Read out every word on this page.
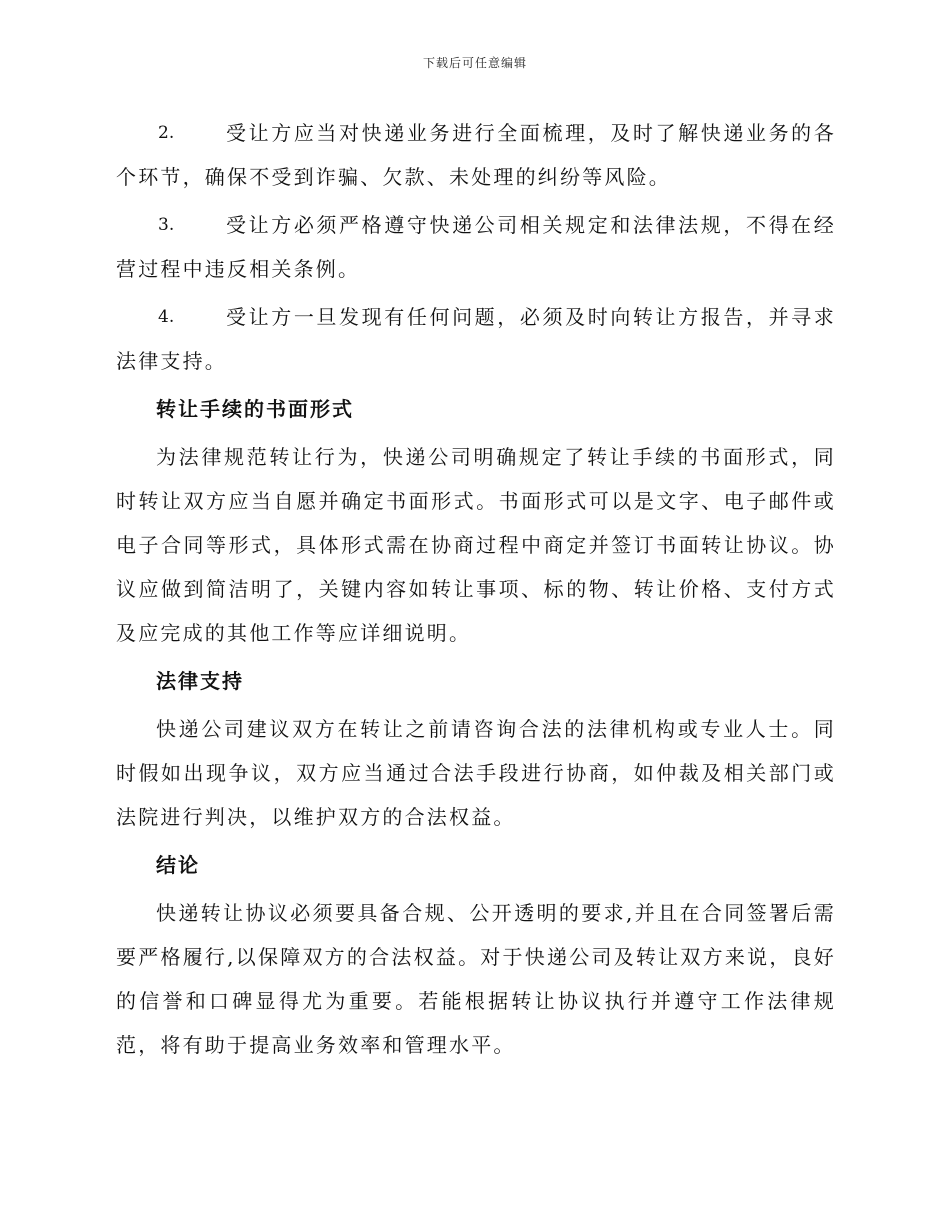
下载后可任意编辑
2.	受让方应当对快递业务进行全面梳理，及时了解快递业务的各个环节，确保不受到诈骗、欠款、未处理的纠纷等风险。
3.	受让方必须严格遵守快递公司相关规定和法律法规，不得在经营过程中违反相关条例。
4.	受让方一旦发现有任何问题，必须及时向转让方报告，并寻求法律支持。
转让手续的书面形式
为法律规范转让行为，快递公司明确规定了转让手续的书面形式，同时转让双方应当自愿并确定书面形式。书面形式可以是文字、电子邮件或电子合同等形式，具体形式需在协商过程中商定并签订书面转让协议。协议应做到简洁明了，关键内容如转让事项、标的物、转让价格、支付方式及应完成的其他工作等应详细说明。
法律支持
快递公司建议双方在转让之前请咨询合法的法律机构或专业人士。同时假如出现争议，双方应当通过合法手段进行协商，如仲裁及相关部门或法院进行判决，以维护双方的合法权益。
结论
快递转让协议必须要具备合规、公开透明的要求,并且在合同签署后需要严格履行,以保障双方的合法权益。对于快递公司及转让双方来说，良好的信誉和口碑显得尤为重要。若能根据转让协议执行并遵守工作法律规范，将有助于提高业务效率和管理水平。
